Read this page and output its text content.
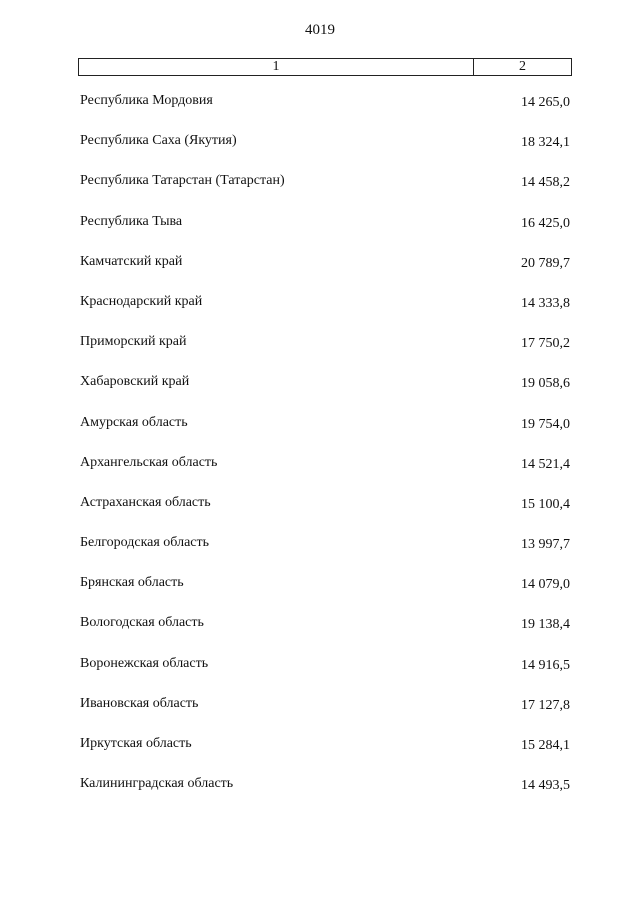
4019
1	2
Республика Мордовия	14 265,0
Республика Саха (Якутия)	18 324,1
Республика Татарстан (Татарстан)	14 458,2
Республика Тыва	16 425,0
Камчатский край	20 789,7
Краснодарский край	14 333,8
Приморский край	17 750,2
Хабаровский край	19 058,6
Амурская область	19 754,0
Архангельская область	14 521,4
Астраханская область	15 100,4
Белгородская область	13 997,7
Брянская область	14 079,0
Вологодская область	19 138,4
Воронежская область	14 916,5
Ивановская область	17 127,8
Иркутская область	15 284,1
Калининградская область	14 493,5
